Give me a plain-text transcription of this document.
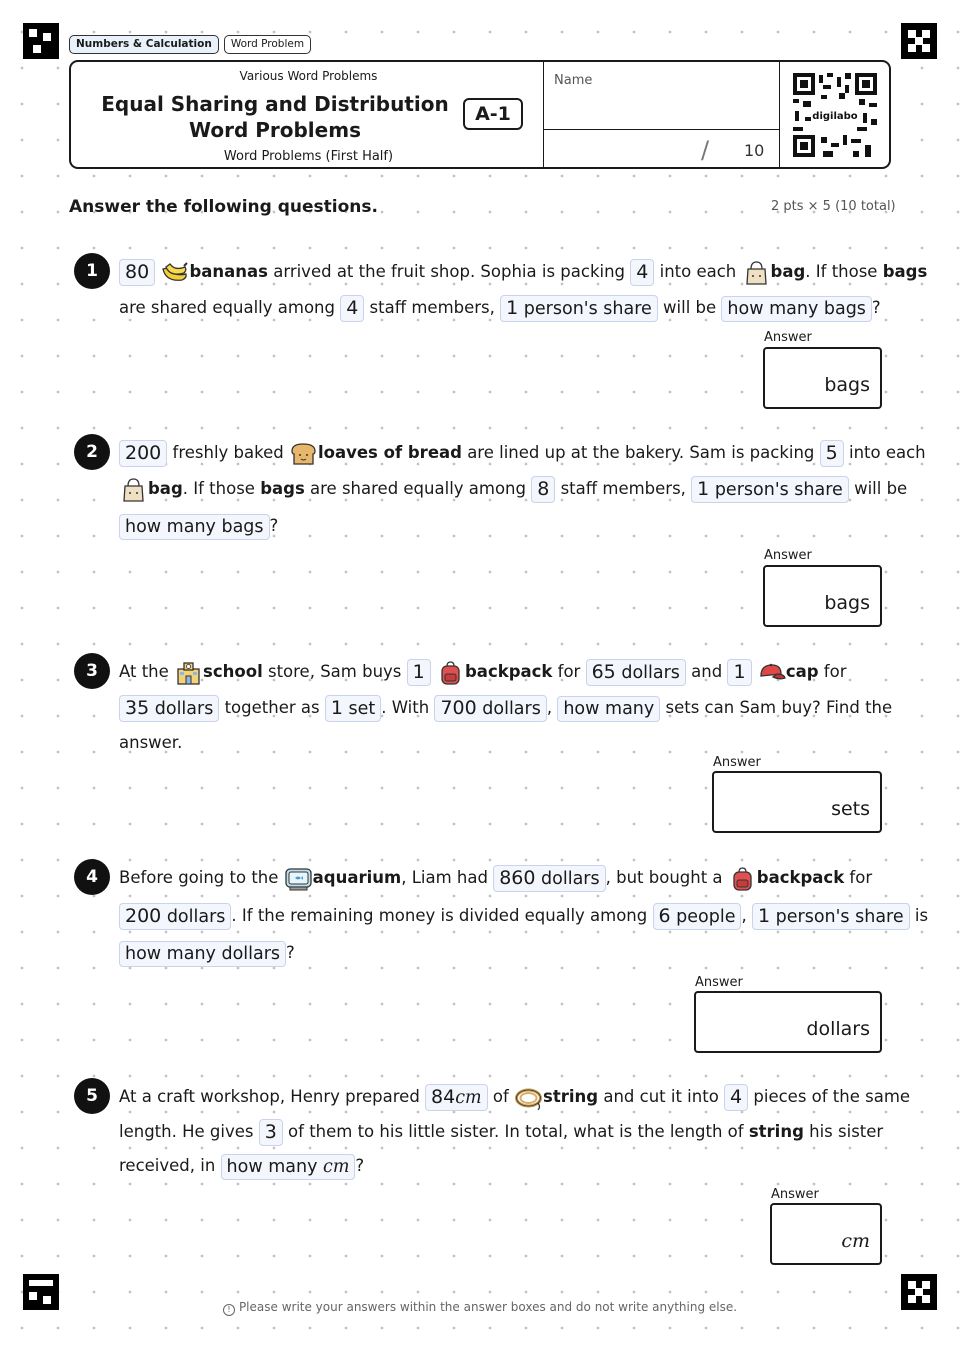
Numbers & Calculation	Word Problem
Various Word Problems
Equal Sharing and Distribution
Word Problems
A-1
Word Problems (First Half)
Name
/ 10
digilabo
Answer the following questions.	2 pts × 5 (10 total)
1	80 bananas arrived at the fruit shop. Sophia is packing 4 into each
bag. If those bags
are shared equally among 4 staff members, 1 person's share will be how many bags ?
Answer
bags
2	200 freshly baked
loaves of bread are lined up at the bakery. Sam is packing 5 into each
bag. If those bags are shared equally among 8 staff members, 1 person's share will be
how many bags ?
Answer
bags
3	At the
school store, Sam buys 1 backpack for 65 dollars and 1 cap for
35 dollars together as 1 set . With 700 dollars , how many sets can Sam buy? Find the
answer.
Answer
sets
4	Before going to the
aquarium, Liam had 860 dollars , but bought a
backpack for
200 dollars . If the remaining money is divided equally among 6 people , 1 person's share is
how many dollars ?
Answer
dollars
5	At a craft workshop, Henry prepared 84cm of
string and cut it into 4 pieces of the same
length. He gives 3 of them to his little sister. In total, what is the length of string his sister
received, in how many cm ?
Answer
cm
! Please write your answers within the answer boxes and do not write anything else.
